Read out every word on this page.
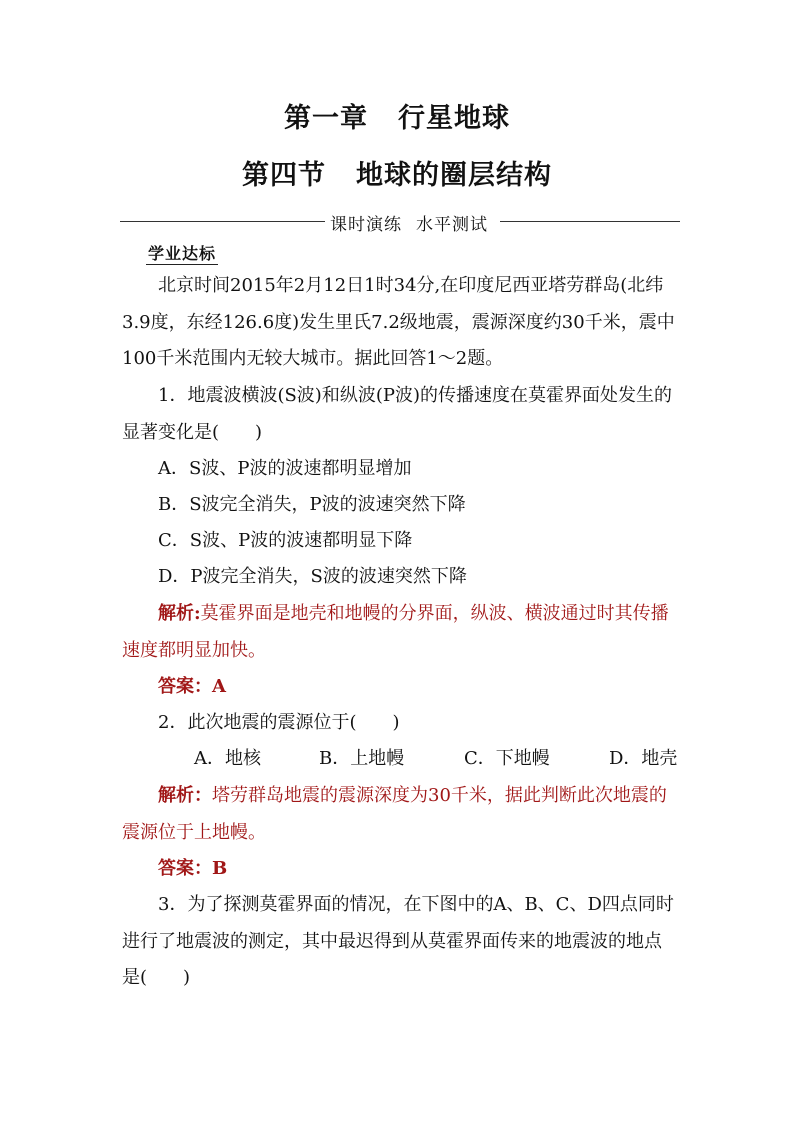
第一章 行星地球
第四节 地球的圈层结构
课时演练 水平测试
学业达标
北京时间2015年2月12日1时34分,在印度尼西亚塔劳群岛(北纬3.9度，东经126.6度)发生里氏7.2级地震，震源深度约30千米，震中100千米范围内无较大城市。据此回答1～2题。
1．地震波横波(S波)和纵波(P波)的传播速度在莫霍界面处发生的显著变化是(　　)
A．S波、P波的波速都明显增加
B．S波完全消失，P波的波速突然下降
C．S波、P波的波速都明显下降
D．P波完全消失，S波的波速突然下降
解析:莫霍界面是地壳和地幔的分界面，纵波、横波通过时其传播速度都明显加快。
答案：A
2．此次地震的震源位于(　　)
A．地核	B．上地幔	C．下地幔	D．地壳
解析：塔劳群岛地震的震源深度为30千米，据此判断此次地震的震源位于上地幔。
答案：B
3．为了探测莫霍界面的情况，在下图中的A、B、C、D四点同时进行了地震波的测定，其中最迟得到从莫霍界面传来的地震波的地点是(　　)
